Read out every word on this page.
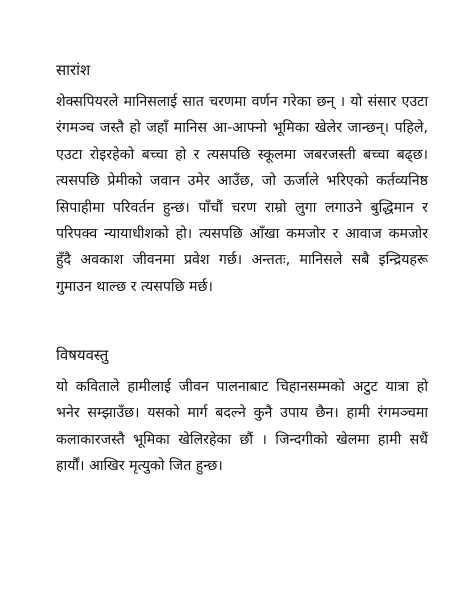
सारांश

शेक्सपियरले मानिसलाई सात चरणमा वर्णन गरेका छन् । यो संसार एउटा रंगमञ्च जस्तै हो जहाँ मानिस आ-आफ्नो भूमिका खेलेर जान्छन्। पहिले, एउटा रोइरहेको बच्चा हो र त्यसपछि स्कूलमा जबरजस्ती बच्चा बढ्छ। त्यसपछि प्रेमीको जवान उमेर आउँछ, जो ऊर्जाले भरिएको कर्तव्यनिष्ठ सिपाहीमा परिवर्तन हुन्छ। पाँचौं चरण राम्रो लुगा लगाउने बुद्धिमान र परिपक्व न्यायाधीशको हो। त्यसपछि आँखा कमजोर र आवाज कमजोर हुँदै अवकाश जीवनमा प्रवेश गर्छ। अन्ततः, मानिसले सबै इन्द्रियहरू गुमाउन थाल्छ र त्यसपछि मर्छ।

विषयवस्तु

यो कविताले हामीलाई जीवन पालनाबाट चिहानसम्मको अटुट यात्रा हो भनेर सम्झाउँछ। यसको मार्ग बदल्ने कुनै उपाय छैन। हामी रंगमञ्चमा कलाकारजस्तै भूमिका खेलिरहेका छौं । जिन्दगीको खेलमा हामी सधैं हार्यौं। आखिर मृत्युको जित हुन्छ।
